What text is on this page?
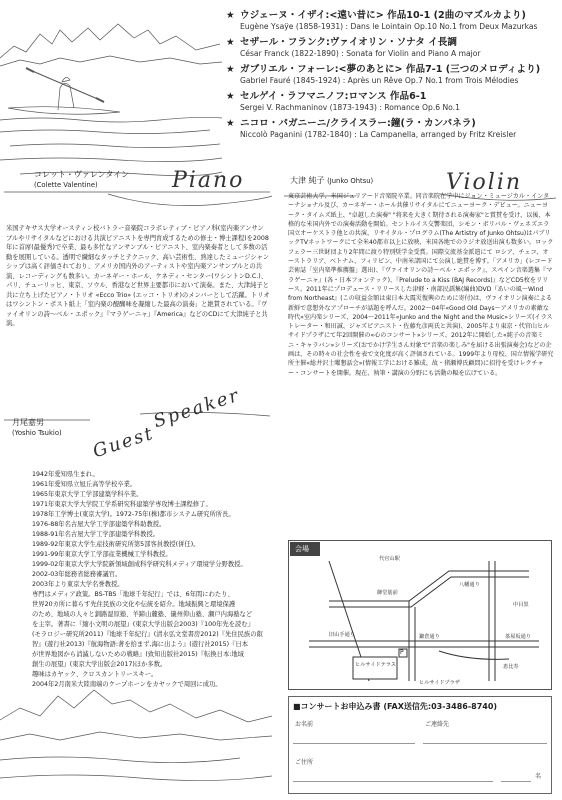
★ ウジェーヌ・イザイ:<遠い昔に> 作品10-1 (2曲のマズルカより)
Eugène Ysaÿe (1858-1931) : Dans le Lointain Op.10 No.1 from Deux Mazurkas
★ セザール・フランク:ヴァイオリン・ソナタ イ長調
César Franck (1822-1890) : Sonata for Violin and Piano A major
★ ガブリエル・フォーレ:<夢のあとに> 作品7-1 (三つのメロディより)
Gabriel Fauré (1845-1924) : Après un Rêve Op.7 No.1 from Trois Mélodies
★ セルゲイ・ラフマニノフ:ロマンス 作品6-1
Sergei V. Rachmaninov (1873-1943) : Romance Op.6 No.1
★ ニコロ・パガニーニ/クライスラー:鐘(ラ・カンパネラ)
Niccolò Paganini (1782-1840) : La Campanella, arranged by Fritz Kreisler
コレット・ヴァレンタイン
(Colette Valentine)	Piano
米国テキサス大学オースティン校バトラー音楽院コラボレティブ・ピアノ科(室内楽アンサンブルやリサイタルなどにおける共演ピアニストを専門育成するための修士・博士課程)を2008年に首席(最優秀)で卒業、最も多忙なアンサンブル・ピアニスト、室内楽奏者として多数の活動を展開している。透明で繊細なタッチとテクニック、高い芸術性、熟達したミュージシャンシップは高く評価されており、アメリカ国内外のアーティストや室内楽アンサンブルとの共演、レコーディングも数多い。カーネギー・ホール、ケネディ・センター(ワシントンD.C.)、パリ、チューリッヒ、東京、ソウル、香港など世界主要都市において演奏。また、大津純子と共に立ち上げたピアノ・トリオ «Ecco Trio» (エッコ・トリオ)のメンバーとして活躍。トリオはワシントン・ポスト紙上「室内楽の醍醐味を凝縮した最高の演奏」と絶賛されている。『ヴァイオリンの詩〜ベル・エポック』『マラゲーニャ』『America』などのCDにて大津純子と共演。
大津 純子 (Junko Ohtsu)	Violin
東京芸術大学、米国ジュリアード音楽院卒業。同音楽院在学中にジョン・ミュージカル・インターナショナル及び、カーネギー・ホール共催リサイタルにてニューヨーク・デビュー。ニューヨーク・タイムズ紙上、"卓越した演奏" "将来を大きく期待される演奏家"と賞賛を受け、以後、本格的な米国内外での演奏活動を開始。セントルイス交響楽団、シモン・ボリバル・ヴェネズエラ国立オーケストラ他との共演、リサイタル・プログラム(The Artistry of Junko Ohtsu)はパブリックTVネットワークにて全米40都市以上に放映、米国各地でのラジオ放送出演も数多い。ロックフェラー三世財団より2年間に渡り特別奨学金受賞。国際交流基金派遣にて ロシア、チェコ、オーストラリア、ベトナム、フィリピン、中南米諸国にて公演し絶賛を博す。「アメリカ」(レコード芸術誌「室内楽準推薦盤」選出)、『ヴァイオリンの詩〜ベル・エポック』、スペイン音楽選集『マラゲーニャ』(各・日本フォンテック)、『Prelude to a Kiss (BAJ Records)』などCD5枚をリリース。2011年にプロデュース・リリースした津軽・南部民謡集(編曲)DVD『あいの風〜Wind from Northeast』(この収益金額は東日本大震災復興のために寄付)は、ヴァイオリン演奏による新鮮で意想外なアプローチが話題を呼んだ。2002〜04年«Good Old Days〜アメリカの素敵な時代»室内楽シリーズ、2004〜2011年«Junko and the Night and the Music»シリーズ(イラストレーター・和田誠、ジャズピアニスト・佐藤允彦両氏と共演)、2005年より東京・代官山ヒルサイドプラザにて年2回開催の«心のコンサート»シリーズ、2012年に開始した«純子の音楽ミニ・キャラバン»シリーズ(おでかけ学生さん対象で"音楽の楽しみ"を届ける出張演奏会)などの企画は、その時々の社会性を表で文化度が高く評価されている。1999年より母校、国立情報学研究所主催«総井沢土曜懇話会»(情報工学における雑成、故・猪瀬博氏顧問)に招待を受けレクチャー・コンサートを開催。現在、執筆・講演の分野にも活動の幅を広げている。
月尾嘉男
(Yoshio Tsukio) Guest
Speaker
1942年愛知県生まれ。
1961年愛知県立旭丘高等学校卒業。
1965年東京大学工学部建築学科卒業。
1971年東京大学大学院工学系研究科建築学専攻博士課程修了。
1978年工学博士(東京大学)。1972-75年(株)都市システム研究所所長。
1976-88年名古屋大学工学部建築学科助教授。
1988-91年名古屋大学工学部建築学科教授。
1989-92年東京大学生産技術研究所第5部客員教授(併任)。
1991-99年東京大学工学部産業機械工学科教授。
1999-02年東京大学大学院新領域創成科学研究科メディア環境学分野教授。
2002-03年総務省総務審議官。
2003年より東京大学名誉教授。
専門はメディア政策。BS-TBS「地球千年紀行」では、6年間にわたり、
世界20カ所に暮らす先住民族の文化や伝統を紹介。地域振興と環境保護
のため、地域の人々と釧路湿原塾、羊蹄山麓塾、儀州仰山塾、瀬戸内海塾など
を主宰。著書に『縮小文明の展望』(東京大学出版会2003)『100年先を読む』
(モラロジー研究所2011)『地球千年紀行』(清水弘文堂書房2012)『先住民族の叡
智』(遊行社2013)『航海物語:著を拾まず,海に出よう』(遊行社2015)『日本
が世界地図から消滅しないための戦略』(致知出版社2015)『転換日本:地域
創生の展望』(東京大学出版会2017)ほか多数。
趣味はカヤック、クロスカントリースキー。
2004年2月南米大陸南端のケープホーンをカヤックで周回に成功。
会場
代官山駅
御堂筋前
八幡通り
旧山手通り
ヒルサイドテラス
ヒルサイドプラザ
恵比寿
中目黒
鎌倉通り	茶屋坂通り
P
■コンサートお申込み書 (FAX送信先:03-3486-8740)
お名前	ご連絡先
ご住所
名
